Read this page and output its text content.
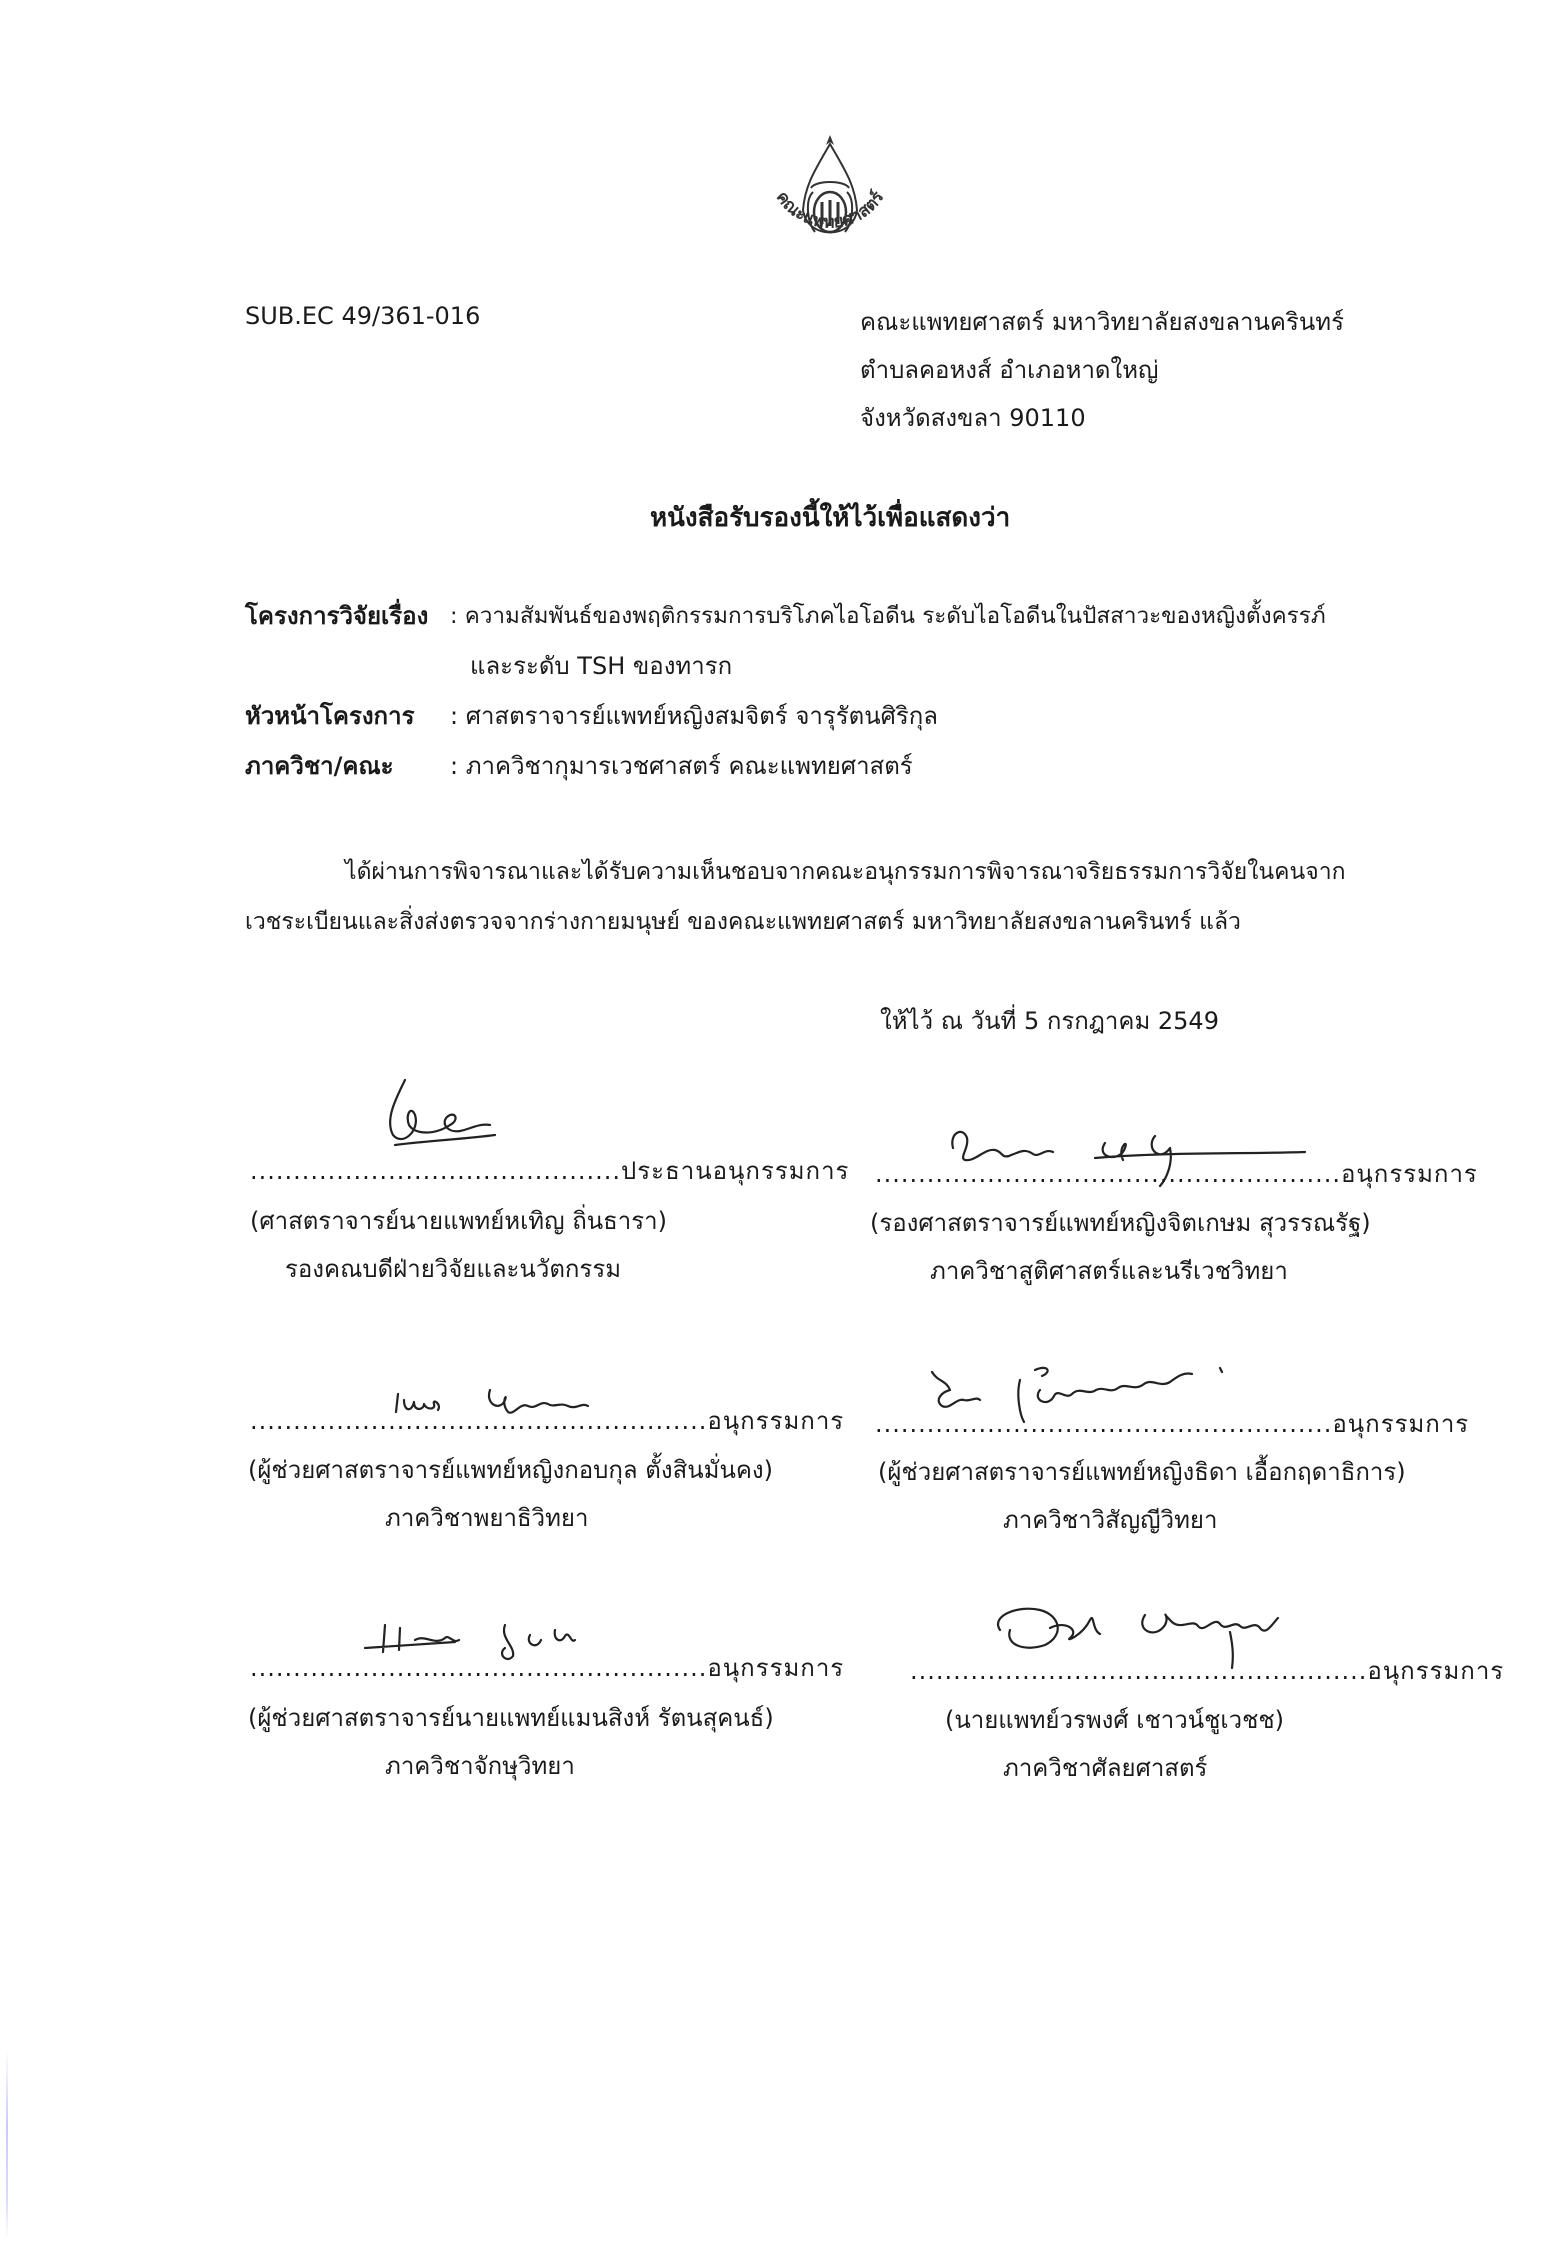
คณะแพทยศาสตร์
SUB.EC 49/361-016	คณะแพทยศาสตร์ มหาวิทยาลัยสงขลานครินทร์
ตำบลคอหงส์ อำเภอหาดใหญ่
จังหวัดสงขลา 90110
หนังสือรับรองนี้ให้ไว้เพื่อแสดงว่า
โครงการวิจัยเรื่อง : ความสัมพันธ์ของพฤติกรรมการบริโภคไอโอดีน ระดับไอโอดีนในปัสสาวะของหญิงตั้งครรภ์
และระดับ TSH ของทารก
หัวหน้าโครงการ : ศาสตราจารย์แพทย์หญิงสมจิตร์ จารุรัตนศิริกุล
ภาควิชา/คณะ : ภาควิชากุมารเวชศาสตร์ คณะแพทยศาสตร์
ได้ผ่านการพิจารณาและได้รับความเห็นชอบจากคณะอนุกรรมการพิจารณาจริยธรรมการวิจัยในคนจาก
เวชระเบียนและสิ่งส่งตรวจจากร่างกายมนุษย์ ของคณะแพทยศาสตร์ มหาวิทยาลัยสงขลานครินทร์ แล้ว
ให้ไว้ ณ วันที่ 5 กรกฎาคม 2549
...........................................ประธานอนุกรรมการ
(ศาสตราจารย์นายแพทย์หเทิญ ถิ่นธารา)
รองคณบดีฝ่ายวิจัยและนวัตกรรม
......................................................อนุกรรมการ
(รองศาสตราจารย์แพทย์หญิงจิตเกษม สุวรรณรัฐ)
ภาควิชาสูติศาสตร์และนรีเวชวิทยา
.....................................................อนุกรรมการ
(ผู้ช่วยศาสตราจารย์แพทย์หญิงกอบกุล ตั้งสินมั่นคง)
ภาควิชาพยาธิวิทยา
.....................................................อนุกรรมการ
(ผู้ช่วยศาสตราจารย์แพทย์หญิงธิดา เอื้อกฤดาธิการ)
ภาควิชาวิสัญญีวิทยา
.....................................................อนุกรรมการ
(ผู้ช่วยศาสตราจารย์นายแพทย์แมนสิงห์ รัตนสุคนธ์)
ภาควิชาจักษุวิทยา
.....................................................อนุกรรมการ
(นายแพทย์วรพงศ์ เชาวน์ชูเวชช)
ภาควิชาศัลยศาสตร์
